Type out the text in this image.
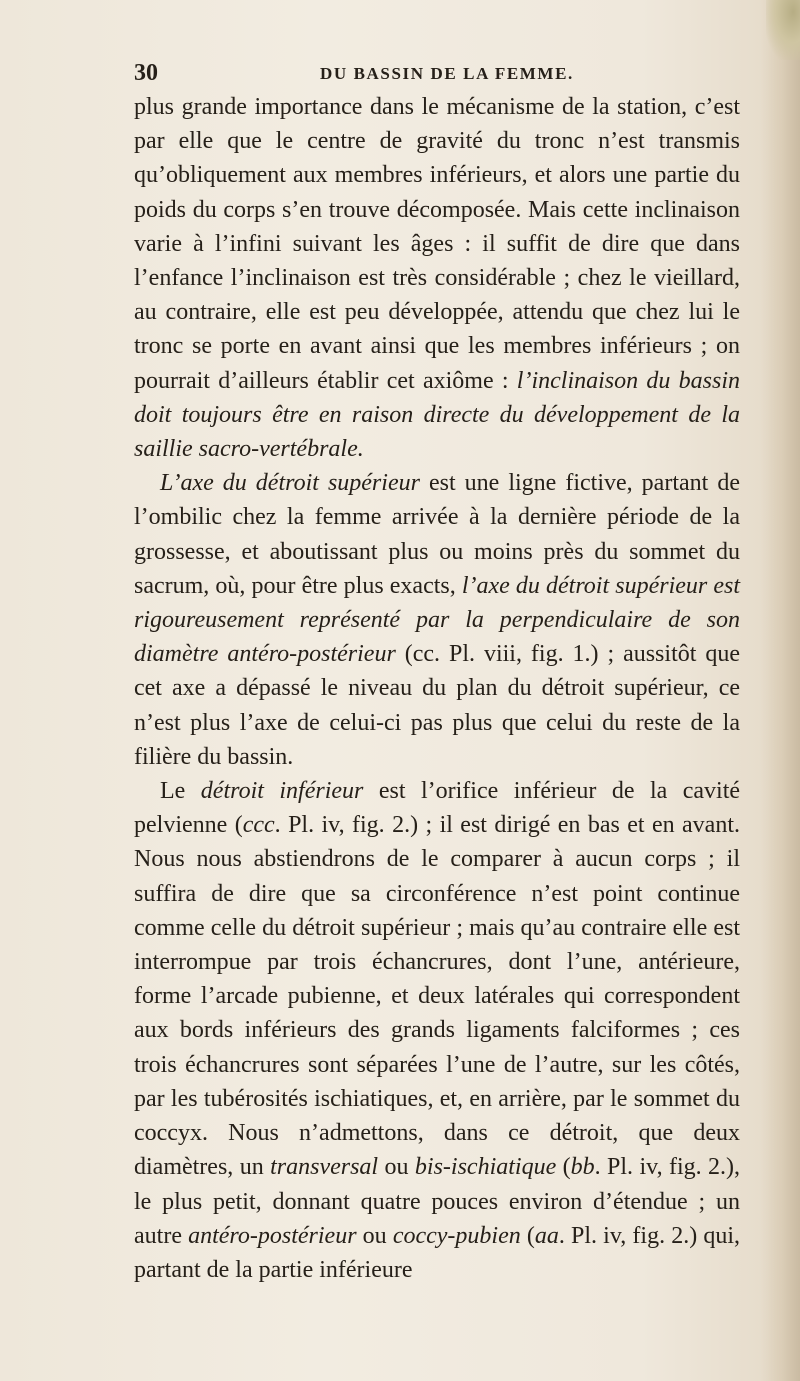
30	DU BASSIN DE LA FEMME.

plus grande importance dans le mécanisme de la station, c’est par elle que le centre de gravité du tronc n’est transmis qu’obliquement aux membres inférieurs, et alors une partie du poids du corps s’en trouve décomposée. Mais cette inclinaison varie à l’infini suivant les âges : il suffit de dire que dans l’enfance l’inclinaison est très considérable ; chez le vieillard, au contraire, elle est peu développée, attendu que chez lui le tronc se porte en avant ainsi que les membres inférieurs ; on pourrait d’ailleurs établir cet axiôme : l’inclinaison du bassin doit toujours être en raison directe du développement de la saillie sacro-vertébrale.

L’axe du détroit supérieur est une ligne fictive, partant de l’ombilic chez la femme arrivée à la dernière période de la grossesse, et aboutissant plus ou moins près du sommet du sacrum, où, pour être plus exacts, l’axe du détroit supérieur est rigoureusement représenté par la perpendiculaire de son diamètre antéro-postérieur (cc. Pl. viii, fig. 1.) ; aussitôt que cet axe a dépassé le niveau du plan du détroit supérieur, ce n’est plus l’axe de celui-ci pas plus que celui du reste de la filière du bassin.

Le détroit inférieur est l’orifice inférieur de la cavité pelvienne (ccc. Pl. iv, fig. 2.) ; il est dirigé en bas et en avant. Nous nous abstiendrons de le comparer à aucun corps ; il suffira de dire que sa circonférence n’est point continue comme celle du détroit supérieur ; mais qu’au contraire elle est interrompue par trois échancrures, dont l’une, antérieure, forme l’arcade pubienne, et deux latérales qui correspondent aux bords inférieurs des grands ligaments falciformes ; ces trois échancrures sont séparées l’une de l’autre, sur les côtés, par les tubérosités ischiatiques, et, en arrière, par le sommet du coccyx. Nous n’admettons, dans ce détroit, que deux diamètres, un transversal ou bis-ischiatique (bb. Pl. iv, fig. 2.), le plus petit, donnant quatre pouces environ d’étendue ; un autre antéro-postérieur ou coccy-pubien (aa. Pl. iv, fig. 2.) qui, partant de la partie inférieure
